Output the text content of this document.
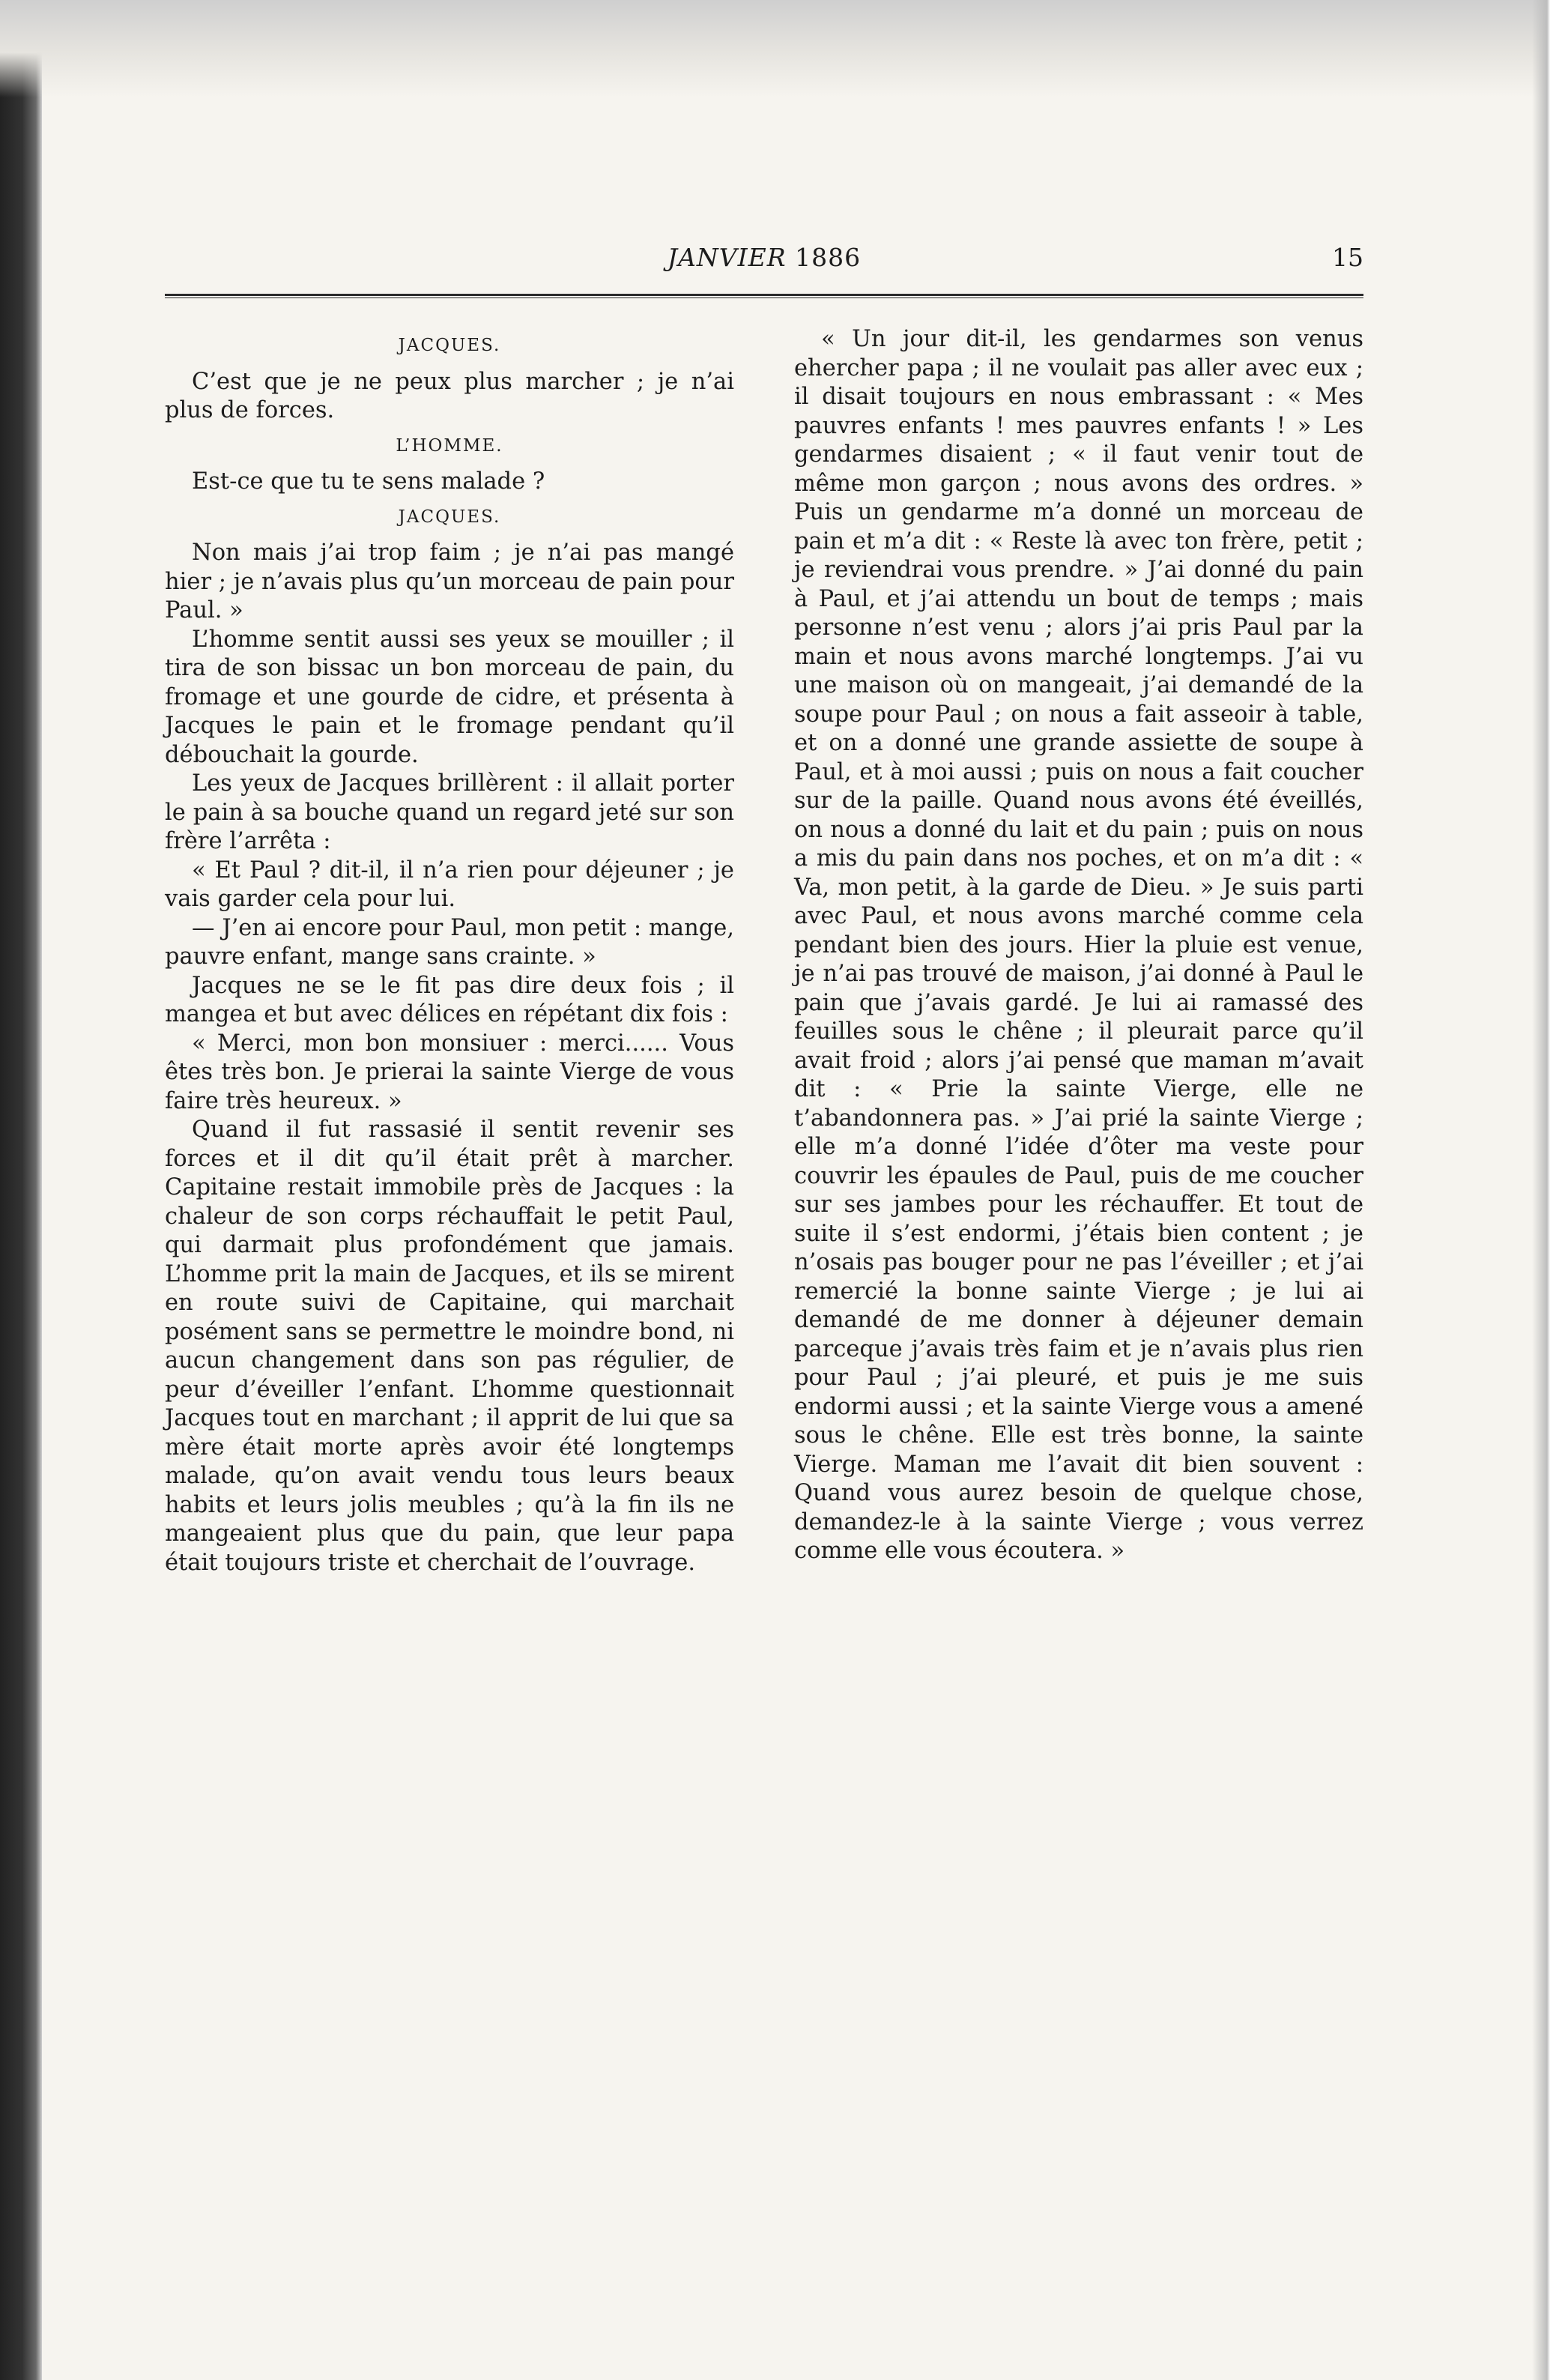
JANVIER 1886	15
JACQUES.

C’est que je ne peux plus marcher ; je n’ai plus de forces.

L’HOMME.

Est-ce que tu te sens malade ?

JACQUES.

Non mais j’ai trop faim ; je n’ai pas mangé hier ; je n’avais plus qu’un morceau de pain pour Paul. »

L’homme sentit aussi ses yeux se mouiller ; il tira de son bissac un bon morceau de pain, du fromage et une gourde de cidre, et présenta à Jacques le pain et le fromage pendant qu’il débouchait la gourde.

Les yeux de Jacques brillèrent : il allait porter le pain à sa bouche quand un regard jeté sur son frère l’arrêta :

« Et Paul ? dit-il, il n’a rien pour déjeuner ; je vais garder cela pour lui.

— J’en ai encore pour Paul, mon petit : mange, pauvre enfant, mange sans crainte. »

Jacques ne se le fit pas dire deux fois ; il mangea et but avec délices en répétant dix fois :

« Merci, mon bon monsiuer : merci...... Vous êtes très bon. Je prierai la sainte Vierge de vous faire très heureux. »

Quand il fut rassasié il sentit revenir ses forces et il dit qu’il était prêt à marcher. Capitaine restait immobile près de Jacques : la chaleur de son corps réchauffait le petit Paul, qui darmait plus profondément que jamais. L’homme prit la main de Jacques, et ils se mirent en route suivi de Capitaine, qui marchait posément sans se permettre le moindre bond, ni aucun changement dans son pas régulier, de peur d’éveiller l’enfant. L’homme questionnait Jacques tout en marchant ; il apprit de lui que sa mère était morte après avoir été longtemps malade, qu’on avait vendu tous leurs beaux habits et leurs jolis meubles ; qu’à la fin ils ne mangeaient plus que du pain, que leur papa était toujours triste et cherchait de l’ouvrage.

« Un jour dit-il, les gendarmes son venus ehercher papa ; il ne voulait pas aller avec eux ; il disait toujours en nous embrassant : « Mes pauvres enfants ! mes pauvres enfants ! » Les gendarmes disaient ; « il faut venir tout de même mon garçon ; nous avons des ordres. » Puis un gendarme m’a donné un morceau de pain et m’a dit : « Reste là avec ton frère, petit ; je reviendrai vous prendre. » J’ai donné du pain à Paul, et j’ai attendu un bout de temps ; mais personne n’est venu ; alors j’ai pris Paul par la main et nous avons marché longtemps. J’ai vu une maison où on mangeait, j’ai demandé de la soupe pour Paul ; on nous a fait asseoir à table, et on a donné une grande assiette de soupe à Paul, et à moi aussi ; puis on nous a fait coucher sur de la paille. Quand nous avons été éveillés, on nous a donné du lait et du pain ; puis on nous a mis du pain dans nos poches, et on m’a dit : « Va, mon petit, à la garde de Dieu. » Je suis parti avec Paul, et nous avons marché comme cela pendant bien des jours. Hier la pluie est venue, je n’ai pas trouvé de maison, j’ai donné à Paul le pain que j’avais gardé. Je lui ai ramassé des feuilles sous le chêne ; il pleurait parce qu’il avait froid ; alors j’ai pensé que maman m’avait dit : « Prie la sainte Vierge, elle ne t’abandonnera pas. » J’ai prié la sainte Vierge ; elle m’a donné l’idée d’ôter ma veste pour couvrir les épaules de Paul, puis de me coucher sur ses jambes pour les réchauffer. Et tout de suite il s’est endormi, j’étais bien content ; je n’osais pas bouger pour ne pas l’éveiller ; et j’ai remercié la bonne sainte Vierge ; je lui ai demandé de me donner à déjeuner demain parceque j’avais très faim et je n’avais plus rien pour Paul ; j’ai pleuré, et puis je me suis endormi aussi ; et la sainte Vierge vous a amené sous le chêne. Elle est très bonne, la sainte Vierge. Maman me l’avait dit bien souvent : Quand vous aurez besoin de quelque chose, demandez-le à la sainte Vierge ; vous verrez comme elle vous écoutera. »
